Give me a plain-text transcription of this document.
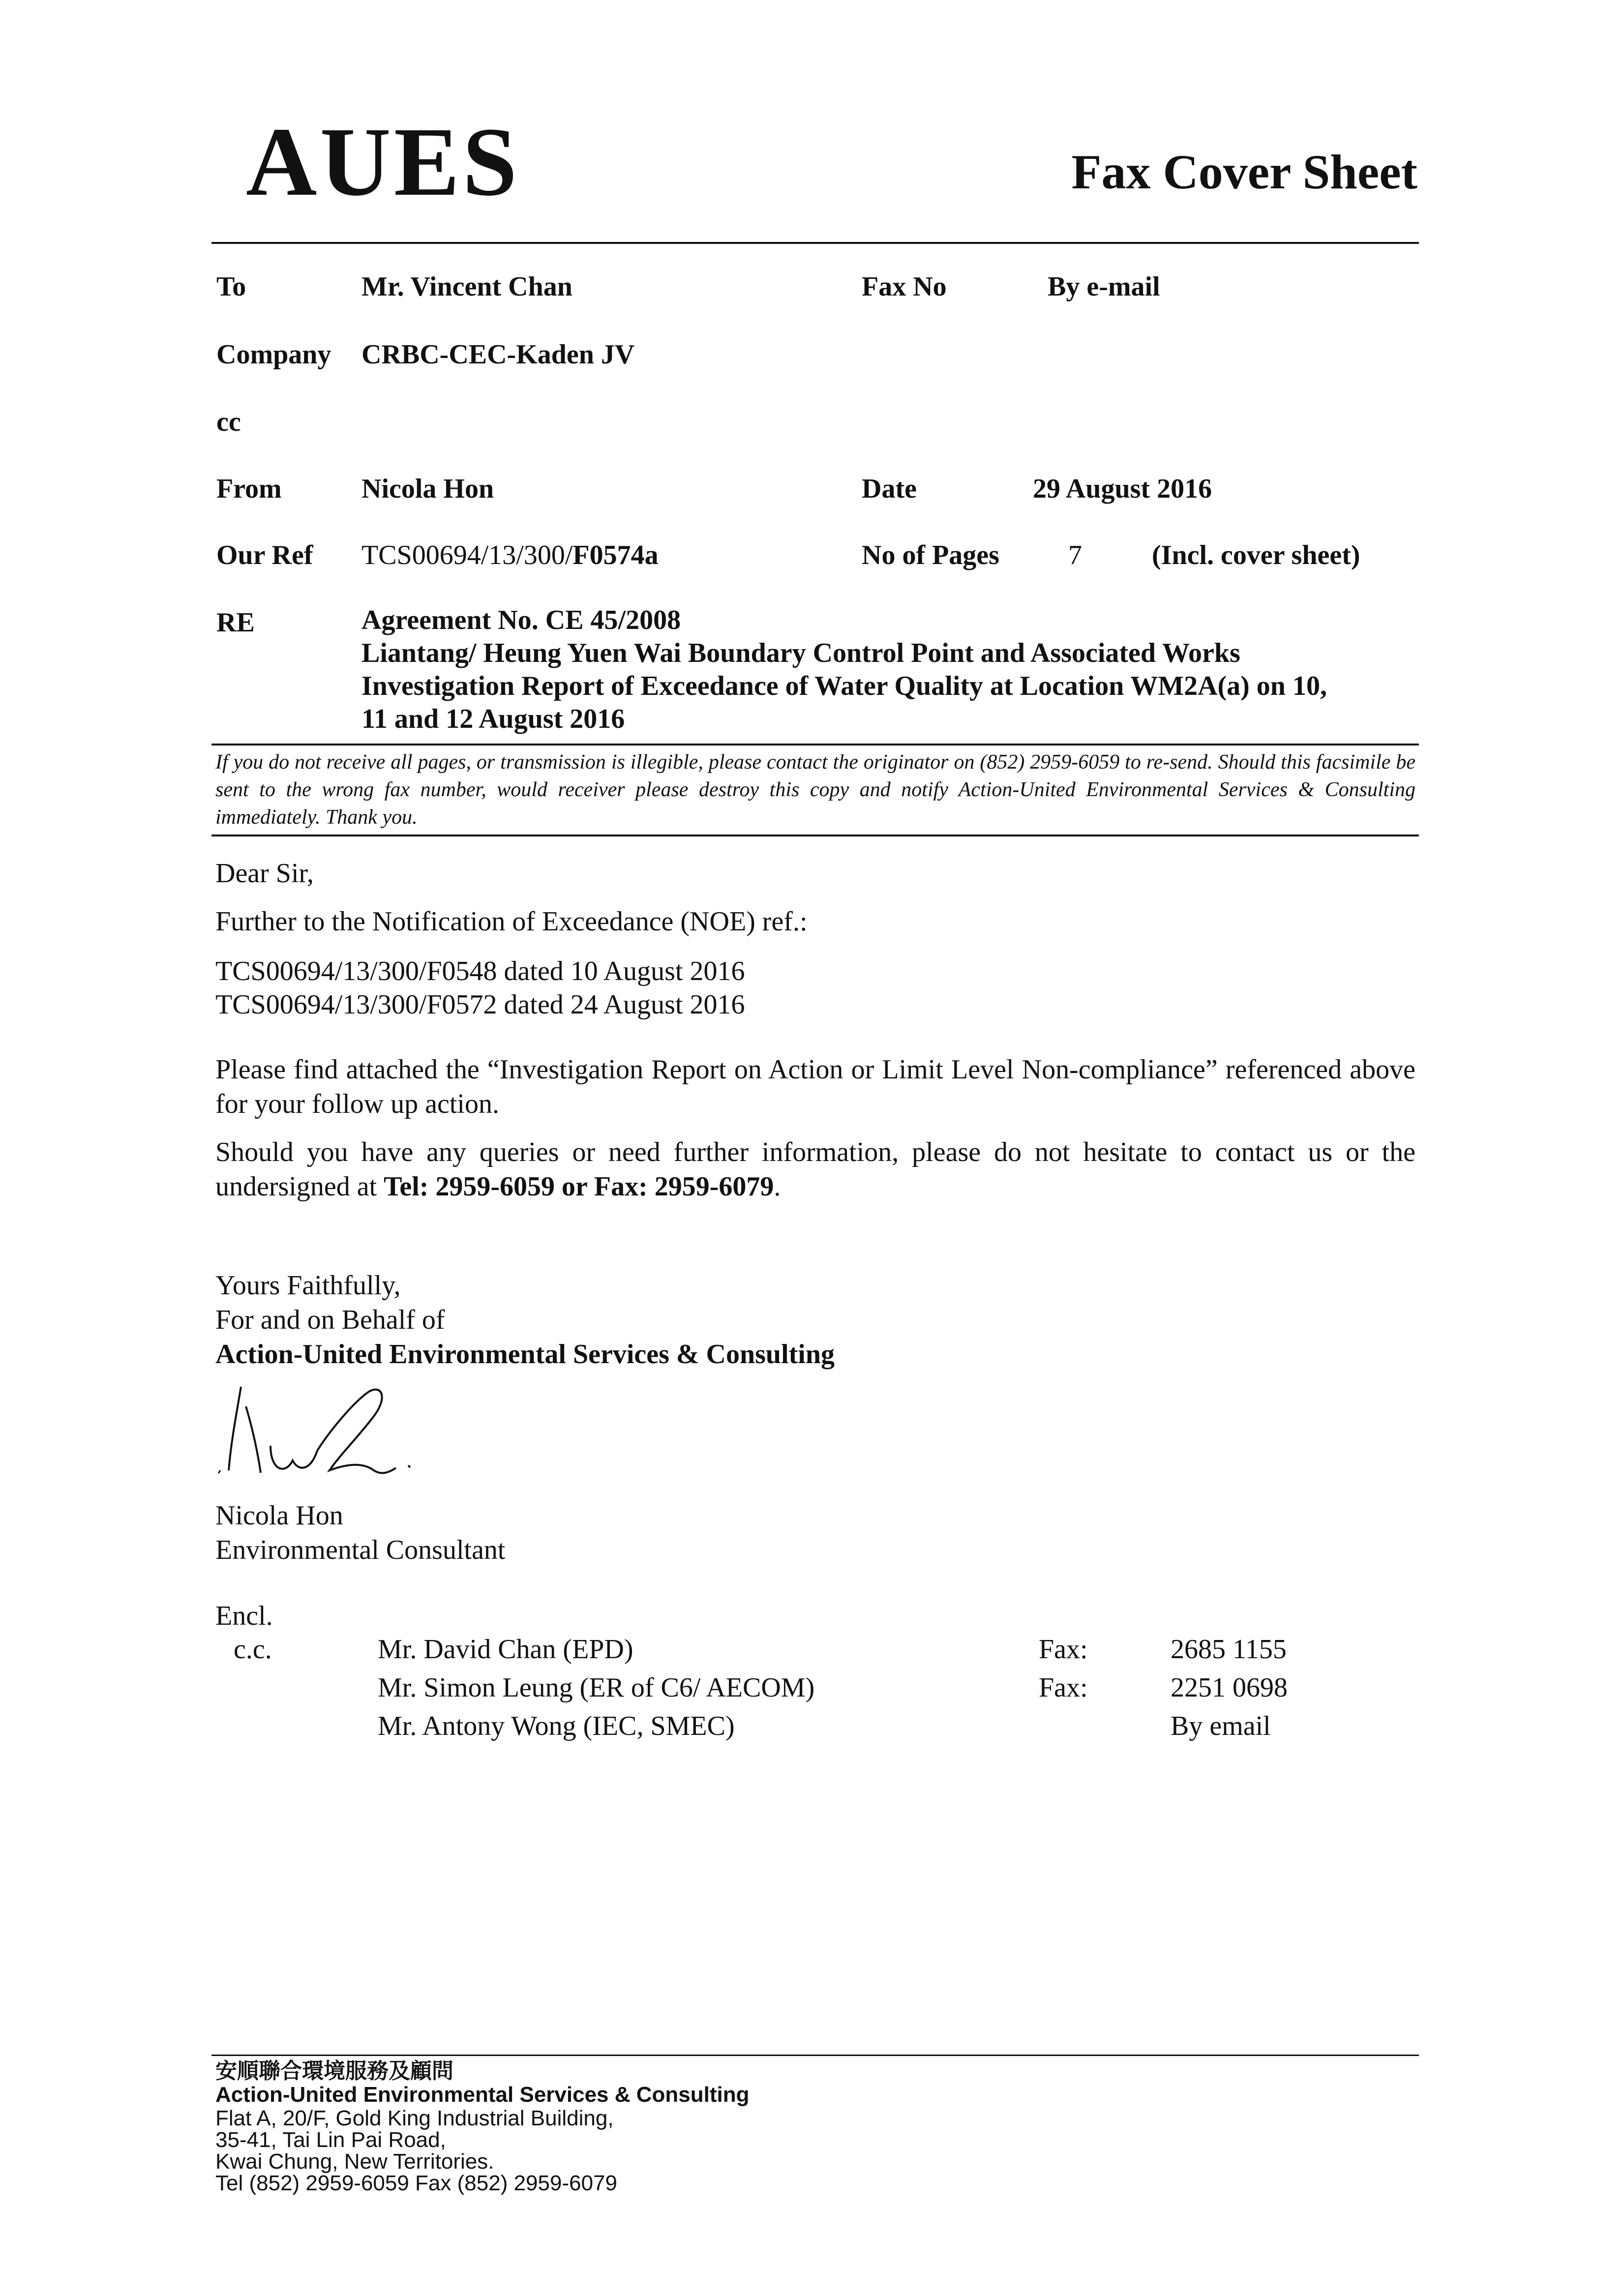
AUES	Fax Cover Sheet
To	Mr. Vincent Chan	Fax No	By e-mail
Company CRBC-CEC-Kaden JV
cc
From	Nicola Hon	Date	29 August 2016
Our Ref TCS00694/13/300/F0574a	No of Pages	7	(Incl. cover sheet)
RE	Agreement No. CE 45/2008
Liantang/ Heung Yuen Wai Boundary Control Point and Associated Works
Investigation Report of Exceedance of Water Quality at Location WM2A(a) on 10,
11 and 12 August 2016
If you do not receive all pages, or transmission is illegible, please contact the originator on (852) 2959-6059 to re-send. Should this facsimile be sent to the wrong fax number, would receiver please destroy this copy and notify Action-United Environmental Services & Consulting immediately. Thank you.
Dear Sir,
Further to the Notification of Exceedance (NOE) ref.:
TCS00694/13/300/F0548 dated 10 August 2016
TCS00694/13/300/F0572 dated 24 August 2016
Please find attached the “Investigation Report on Action or Limit Level Non-compliance” referenced above for your follow up action.
Should you have any queries or need further information, please do not hesitate to contact us or the undersigned at Tel: 2959-6059 or Fax: 2959-6079.
Yours Faithfully,
For and on Behalf of
Action-United Environmental Services & Consulting
Nicola Hon
Environmental Consultant
Encl.
c.c.	Mr. David Chan (EPD)	Fax:	2685 1155
Mr. Simon Leung (ER of C6/ AECOM)	Fax:	2251 0698
Mr. Antony Wong (IEC, SMEC)	By email
安順聯合環境服務及顧問
Action-United Environmental Services & Consulting
Flat A, 20/F, Gold King Industrial Building,
35-41, Tai Lin Pai Road,
Kwai Chung, New Territories.
Tel (852) 2959-6059 Fax (852) 2959-6079
